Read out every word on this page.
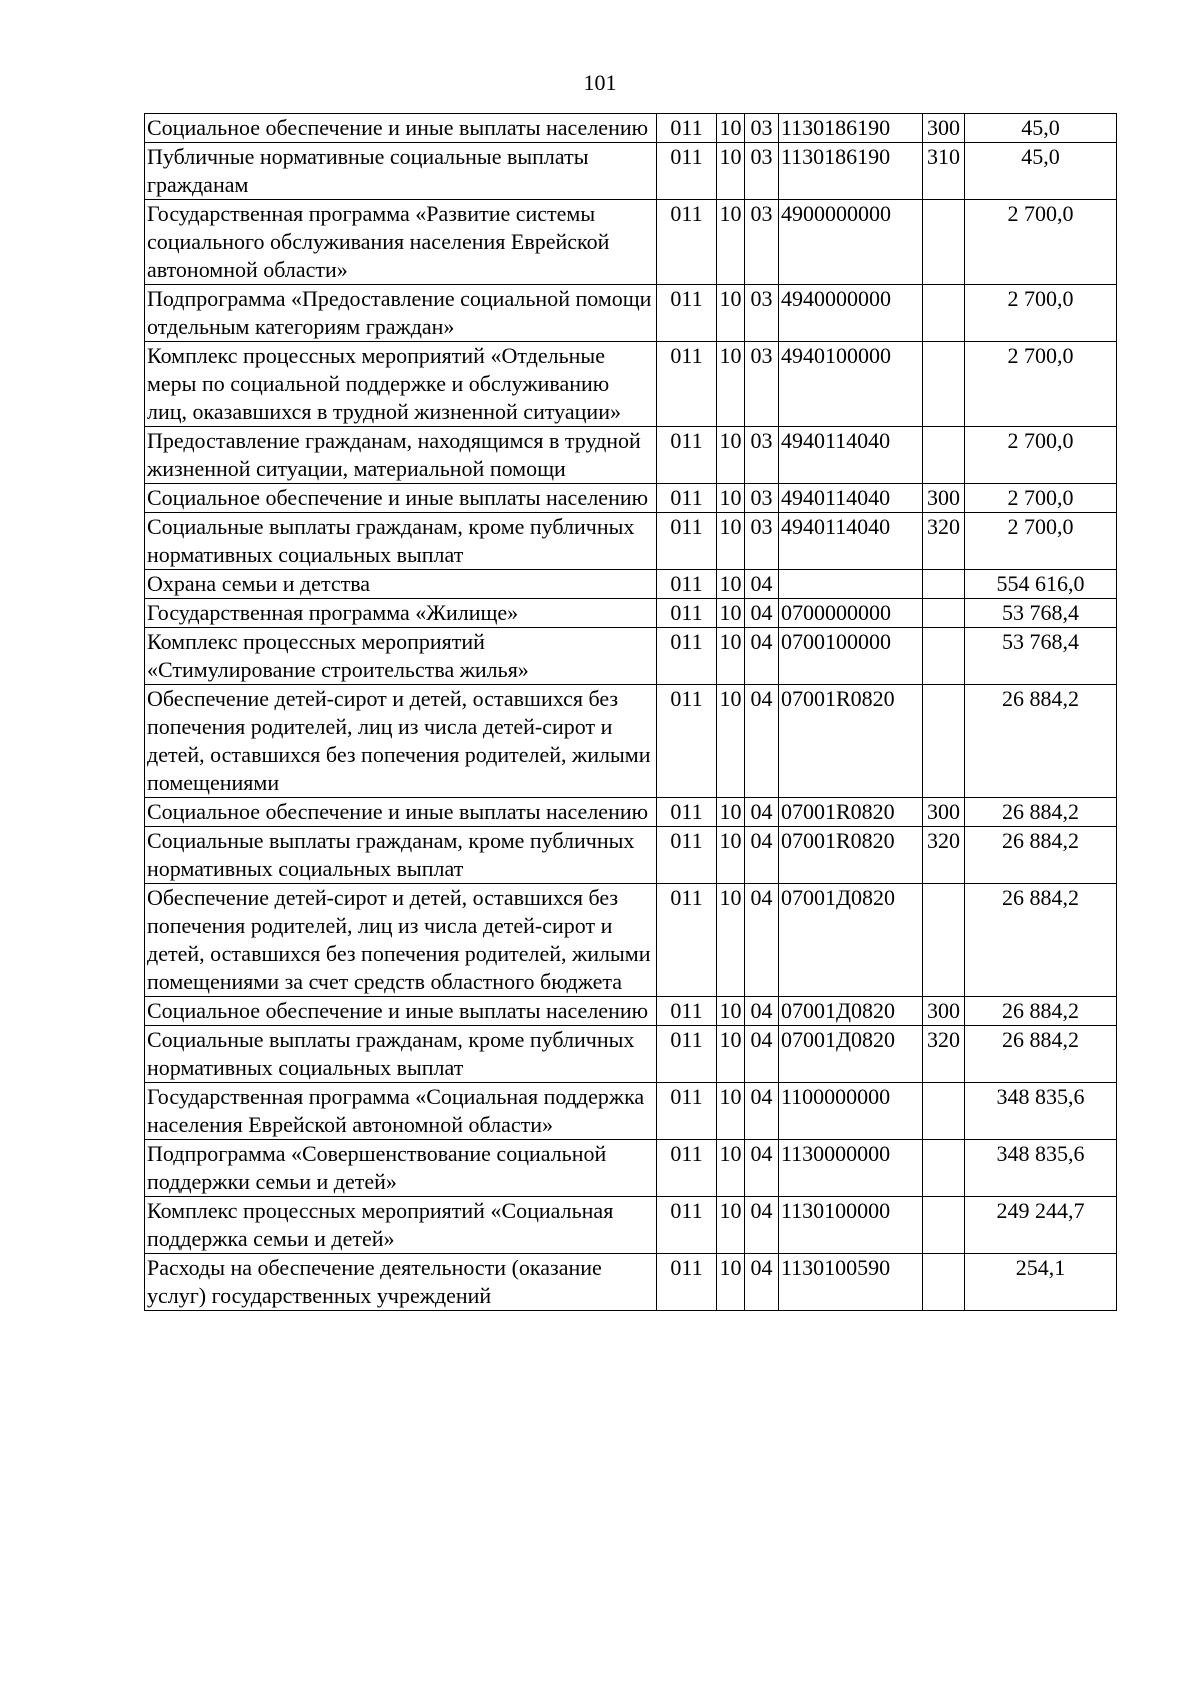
101
Социальное обеспечение и иные выплаты населению	011	10	03	1130186190	300	45,0
Публичные нормативные социальные выплаты гражданам	011	10	03	1130186190	310	45,0
Государственная программа «Развитие системы социального обслуживания населения Еврейской автономной области»	011	10	03	4900000000		2 700,0
Подпрограмма «Предоставление социальной помощи отдельным категориям граждан»	011	10	03	4940000000		2 700,0
Комплекс процессных мероприятий «Отдельные меры по социальной поддержке и обслуживанию лиц, оказавшихся в трудной жизненной ситуации»	011	10	03	4940100000		2 700,0
Предоставление гражданам, находящимся в трудной жизненной ситуации, материальной помощи	011	10	03	4940114040		2 700,0
Социальное обеспечение и иные выплаты населению	011	10	03	4940114040	300	2 700,0
Социальные выплаты гражданам, кроме публичных нормативных социальных выплат	011	10	03	4940114040	320	2 700,0
Охрана семьи и детства	011	10	04			554 616,0
Государственная программа «Жилище»	011	10	04	0700000000		53 768,4
Комплекс процессных мероприятий «Стимулирование строительства жилья»	011	10	04	0700100000		53 768,4
Обеспечение детей-сирот и детей, оставшихся без попечения родителей, лиц из числа детей-сирот и детей, оставшихся без попечения родителей, жилыми помещениями	011	10	04	07001R0820		26 884,2
Социальное обеспечение и иные выплаты населению	011	10	04	07001R0820	300	26 884,2
Социальные выплаты гражданам, кроме публичных нормативных социальных выплат	011	10	04	07001R0820	320	26 884,2
Обеспечение детей-сирот и детей, оставшихся без попечения родителей, лиц из числа детей-сирот и детей, оставшихся без попечения родителей, жилыми помещениями за счет средств областного бюджета	011	10	04	07001Д0820		26 884,2
Социальное обеспечение и иные выплаты населению	011	10	04	07001Д0820	300	26 884,2
Социальные выплаты гражданам, кроме публичных нормативных социальных выплат	011	10	04	07001Д0820	320	26 884,2
Государственная программа «Социальная поддержка населения Еврейской автономной области»	011	10	04	1100000000		348 835,6
Подпрограмма «Совершенствование социальной поддержки семьи и детей»	011	10	04	1130000000		348 835,6
Комплекс процессных мероприятий «Социальная поддержка семьи и детей»	011	10	04	1130100000		249 244,7
Расходы на обеспечение деятельности (оказание услуг) государственных учреждений	011	10	04	1130100590		254,1
